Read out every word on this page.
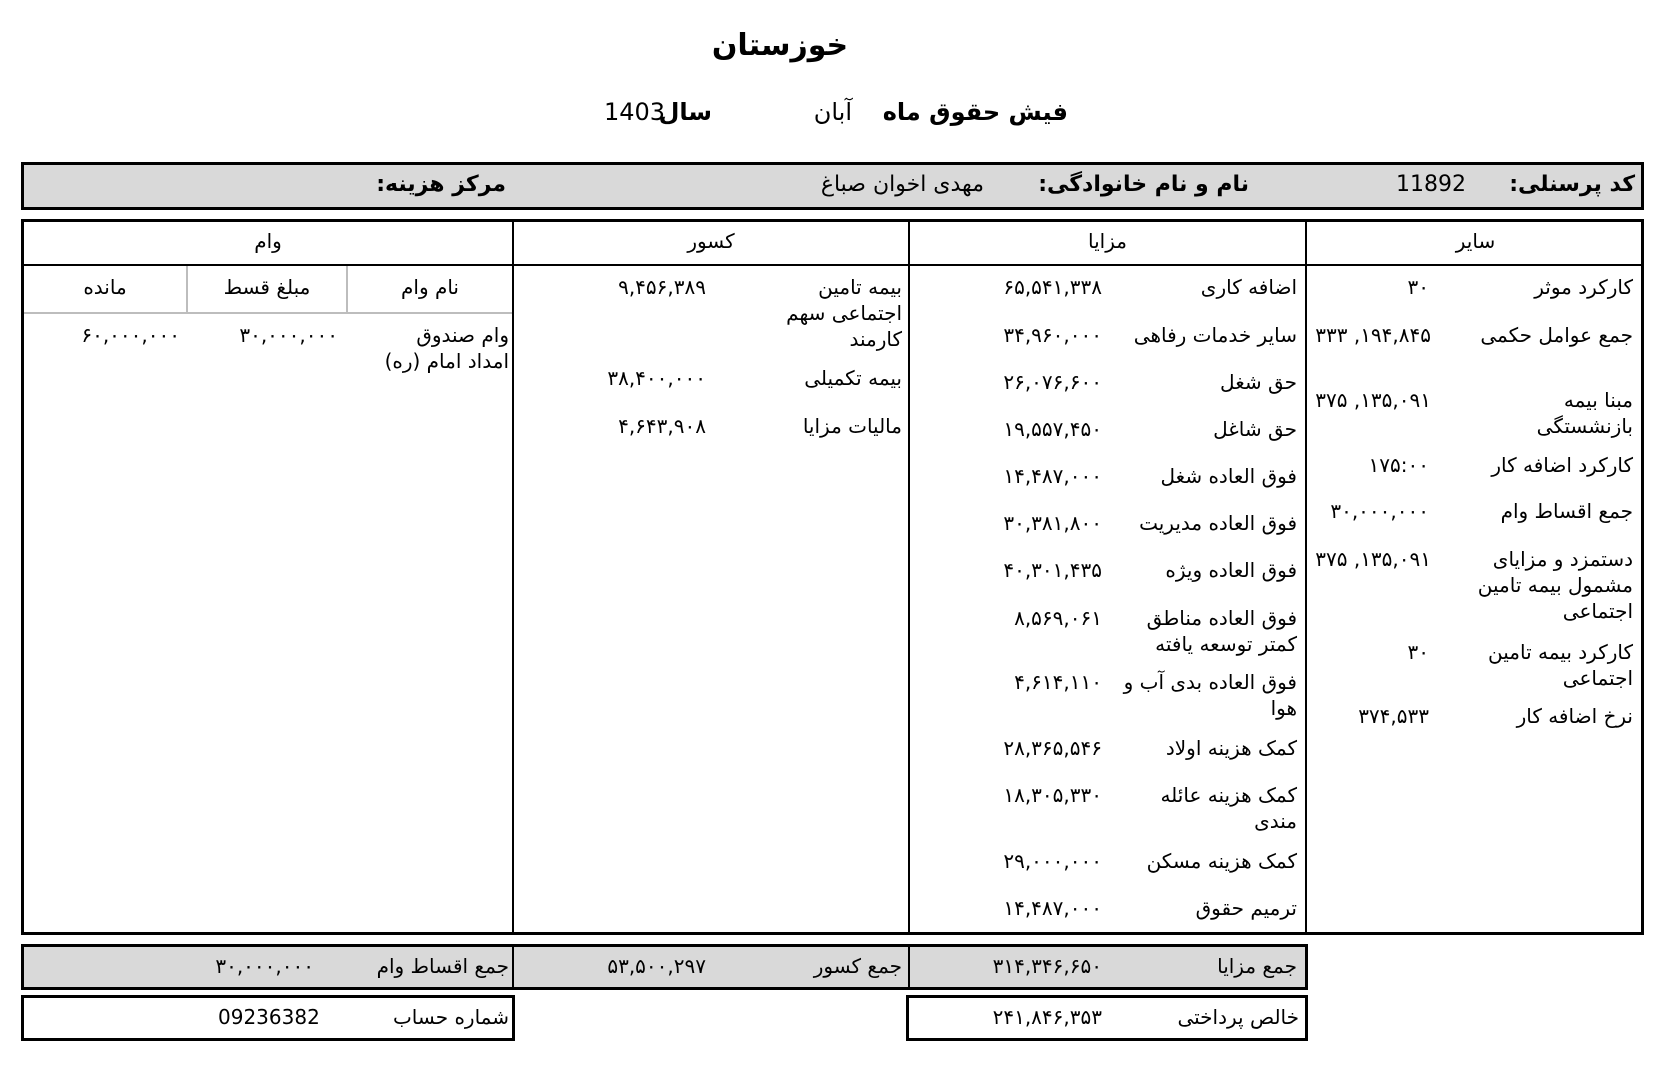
خوزستان
فیش حقوق ماه
آبان
سال
1403
کد پرسنلی:
11892
نام و نام خانوادگی:
مهدی اخوان صباغ
مرکز هزینه:
سایر
مزایا
کسور
وام
کارکرد موثر
۳۰
جمع عوامل حکمی
۱۹۴,۸۴۵, ۳۳۳
مبنا بیمه بازنشستگی
۱۳۵,۰۹۱, ۳۷۵
کارکرد اضافه کار
۱۷۵:۰۰
جمع اقساط وام
۳۰,۰۰۰,۰۰۰
دستمزد و مزایای مشمول بیمه تامین اجتماعی
۱۳۵,۰۹۱, ۳۷۵
کارکرد بیمه تامین اجتماعی
۳۰
نرخ اضافه کار
۳۷۴,۵۳۳
اضافه کاری
۶۵,۵۴۱,۳۳۸
سایر خدمات رفاهی
۳۴,۹۶۰,۰۰۰
حق شغل
۲۶,۰۷۶,۶۰۰
حق شاغل
۱۹,۵۵۷,۴۵۰
فوق العاده شغل
۱۴,۴۸۷,۰۰۰
فوق العاده مدیریت
۳۰,۳۸۱,۸۰۰
فوق العاده ویژه
۴۰,۳۰۱,۴۳۵
فوق العاده مناطق کمتر توسعه یافته
۸,۵۶۹,۰۶۱
فوق العاده بدی آب و هوا
۴,۶۱۴,۱۱۰
کمک هزینه اولاد
۲۸,۳۶۵,۵۴۶
کمک هزینه عائله مندی
۱۸,۳۰۵,۳۳۰
کمک هزینه مسکن
۲۹,۰۰۰,۰۰۰
ترمیم حقوق
۱۴,۴۸۷,۰۰۰
بیمه تامین اجتماعی سهم کارمند
۹,۴۵۶,۳۸۹
بیمه تکمیلی
۳۸,۴۰۰,۰۰۰
مالیات مزایا
۴,۶۴۳,۹۰۸
نام وام
مبلغ قسط
مانده
وام صندوق امداد امام (ره)
۳۰,۰۰۰,۰۰۰
۶۰,۰۰۰,۰۰۰
جمع مزایا
۳۱۴,۳۴۶,۶۵۰
جمع کسور
۵۳,۵۰۰,۲۹۷
جمع اقساط وام
۳۰,۰۰۰,۰۰۰
خالص پرداختی
۲۴۱,۸۴۶,۳۵۳
شماره حساب
09236382
